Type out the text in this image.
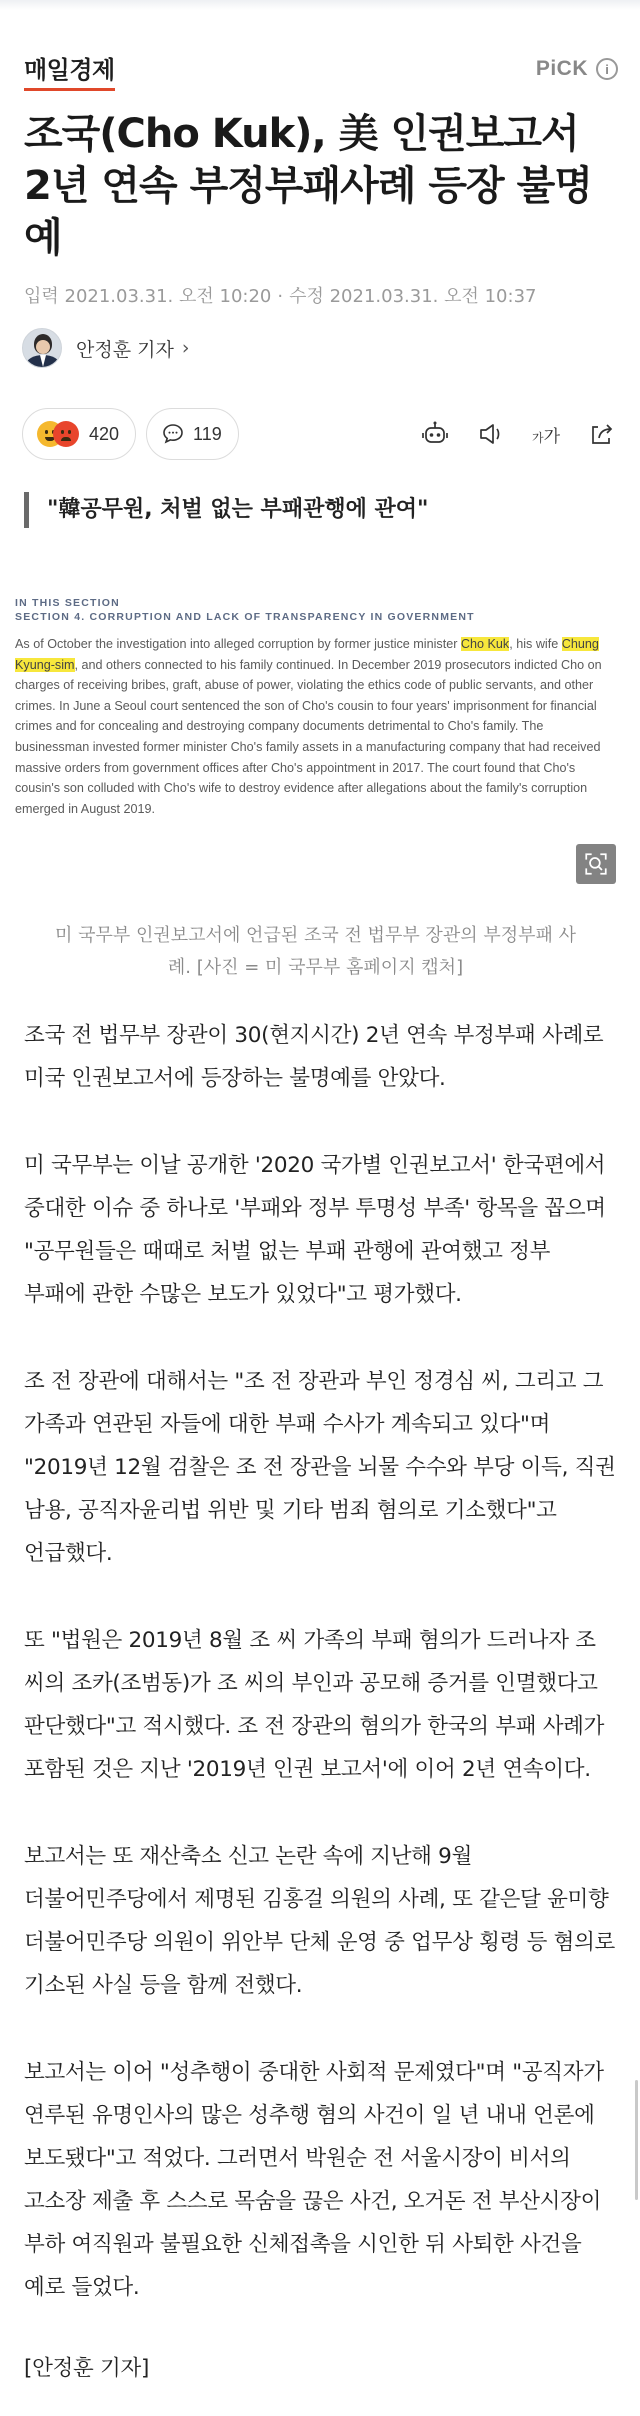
매일경제	PiCK	i
조국(Cho Kuk), 美 인권보고서 2년 연속 부정부패사례 등장 불명예
입력 2021.03.31. 오전 10:20 · 수정 2021.03.31. 오전 10:37
안정훈 기자 ›
420	119	가가
"韓공무원, 처벌 없는 부패관행에 관여"
IN THIS SECTION
SECTION 4. CORRUPTION AND LACK OF TRANSPARENCY IN GOVERNMENT
As of October the investigation into alleged corruption by former justice minister Cho Kuk, his wife Chung Kyung-sim, and others connected to his family continued. In December 2019 prosecutors indicted Cho on charges of receiving bribes, graft, abuse of power, violating the ethics code of public servants, and other crimes. In June a Seoul court sentenced the son of Cho's cousin to four years' imprisonment for financial crimes and for concealing and destroying company documents detrimental to Cho's family. The businessman invested former minister Cho's family assets in a manufacturing company that had received massive orders from government offices after Cho's appointment in 2017. The court found that Cho's cousin's son colluded with Cho's wife to destroy evidence after allegations about the family's corruption emerged in August 2019.
미 국무부 인권보고서에 언급된 조국 전 법무부 장관의 부정부패 사례. [사진 = 미 국무부 홈페이지 캡처]

조국 전 법무부 장관이 30(현지시간) 2년 연속 부정부패 사례로 미국 인권보고서에 등장하는 불명예를 안았다.

미 국무부는 이날 공개한 '2020 국가별 인권보고서' 한국편에서 중대한 이슈 중 하나로 '부패와 정부 투명성 부족' 항목을 꼽으며 "공무원들은 때때로 처벌 없는 부패 관행에 관여했고 정부 부패에 관한 수많은 보도가 있었다"고 평가했다.

조 전 장관에 대해서는 "조 전 장관과 부인 정경심 씨, 그리고 그 가족과 연관된 자들에 대한 부패 수사가 계속되고 있다"며 "2019년 12월 검찰은 조 전 장관을 뇌물 수수와 부당 이득, 직권 남용, 공직자윤리법 위반 및 기타 범죄 혐의로 기소했다"고 언급했다.

또 "법원은 2019년 8월 조 씨 가족의 부패 혐의가 드러나자 조 씨의 조카(조범동)가 조 씨의 부인과 공모해 증거를 인멸했다고 판단했다"고 적시했다. 조 전 장관의 혐의가 한국의 부패 사례가 포함된 것은 지난 '2019년 인권 보고서'에 이어 2년 연속이다.

보고서는 또 재산축소 신고 논란 속에 지난해 9월 더불어민주당에서 제명된 김홍걸 의원의 사례, 또 같은달 윤미향 더불어민주당 의원이 위안부 단체 운영 중 업무상 횡령 등 혐의로 기소된 사실 등을 함께 전했다.

보고서는 이어 "성추행이 중대한 사회적 문제였다"며 "공직자가 연루된 유명인사의 많은 성추행 혐의 사건이 일 년 내내 언론에 보도됐다"고 적었다. 그러면서 박원순 전 서울시장이 비서의 고소장 제출 후 스스로 목숨을 끊은 사건, 오거돈 전 부산시장이 부하 여직원과 불필요한 신체접촉을 시인한 뒤 사퇴한 사건을 예로 들었다.

[안정훈 기자]
